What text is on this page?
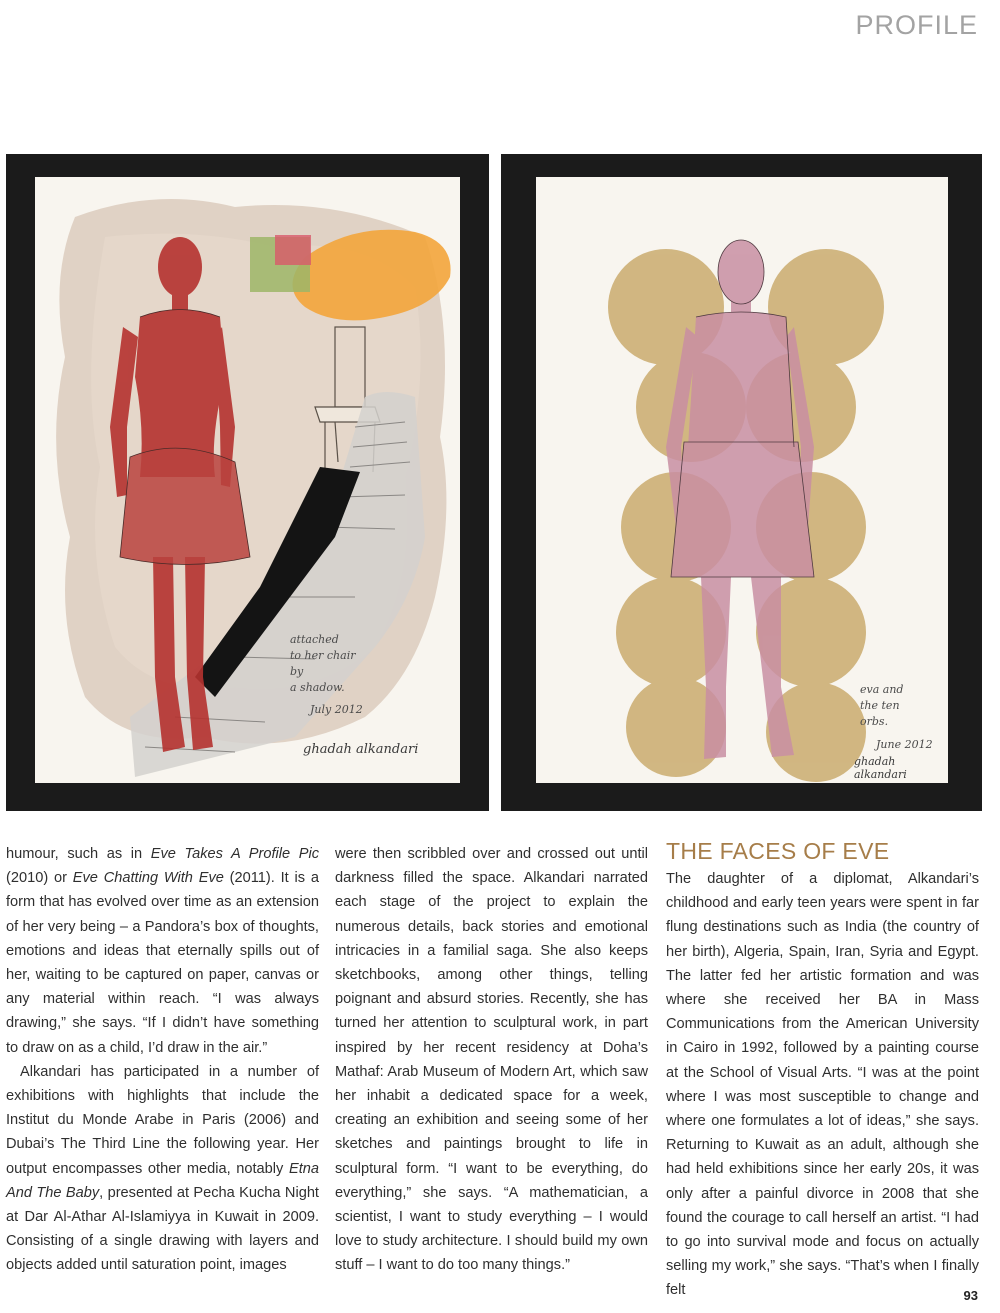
PROFILE
attached
to her chair
by
a shadow.
July 2012
ghadah alkandari
eva and
the ten
orbs.
June 2012
ghadah alkandari

humour, such as in Eve Takes A Profile Pic (2010) or Eve Chatting With Eve (2011). It is a form that has evolved over time as an extension of her very being – a Pandora’s box of thoughts, emotions and ideas that eternally spills out of her, waiting to be captured on paper, canvas or any material within reach. “I was always drawing,” she says. “If I didn’t have something to draw on as a child, I’d draw in the air.”

Alkandari has participated in a number of exhibitions with highlights that include the Institut du Monde Arabe in Paris (2006) and Dubai’s The Third Line the following year. Her output encompasses other media, notably Etna And The Baby, presented at Pecha Kucha Night at Dar Al-Athar Al-Islamiyya in Kuwait in 2009. Consisting of a single drawing with layers and objects added until saturation point, images

were then scribbled over and crossed out until darkness filled the space. Alkandari narrated each stage of the project to explain the numerous details, back stories and emotional intricacies in a familial saga. She also keeps sketchbooks, among other things, telling poignant and absurd stories. Recently, she has turned her attention to sculptural work, in part inspired by her recent residency at Doha’s Mathaf: Arab Museum of Modern Art, which saw her inhabit a dedicated space for a week, creating an exhibition and seeing some of her sketches and paintings brought to life in sculptural form. “I want to be everything, do everything,” she says. “A mathematician, a scientist, I want to study everything – I would love to study architecture. I should build my own stuff – I want to do too many things.”

THE FACES OF EVE

The daughter of a diplomat, Alkandari’s childhood and early teen years were spent in far flung destinations such as India (the country of her birth), Algeria, Spain, Iran, Syria and Egypt. The latter fed her artistic formation and was where she received her BA in Mass Communications from the American University in Cairo in 1992, followed by a painting course at the School of Visual Arts. “I was at the point where I was most susceptible to change and where one formulates a lot of ideas,” she says. Returning to Kuwait as an adult, although she had held exhibitions since her early 20s, it was only after a painful divorce in 2008 that she found the courage to call herself an artist. “I had to go into survival mode and focus on actually selling my work,” she says. “That’s when I finally felt	93
